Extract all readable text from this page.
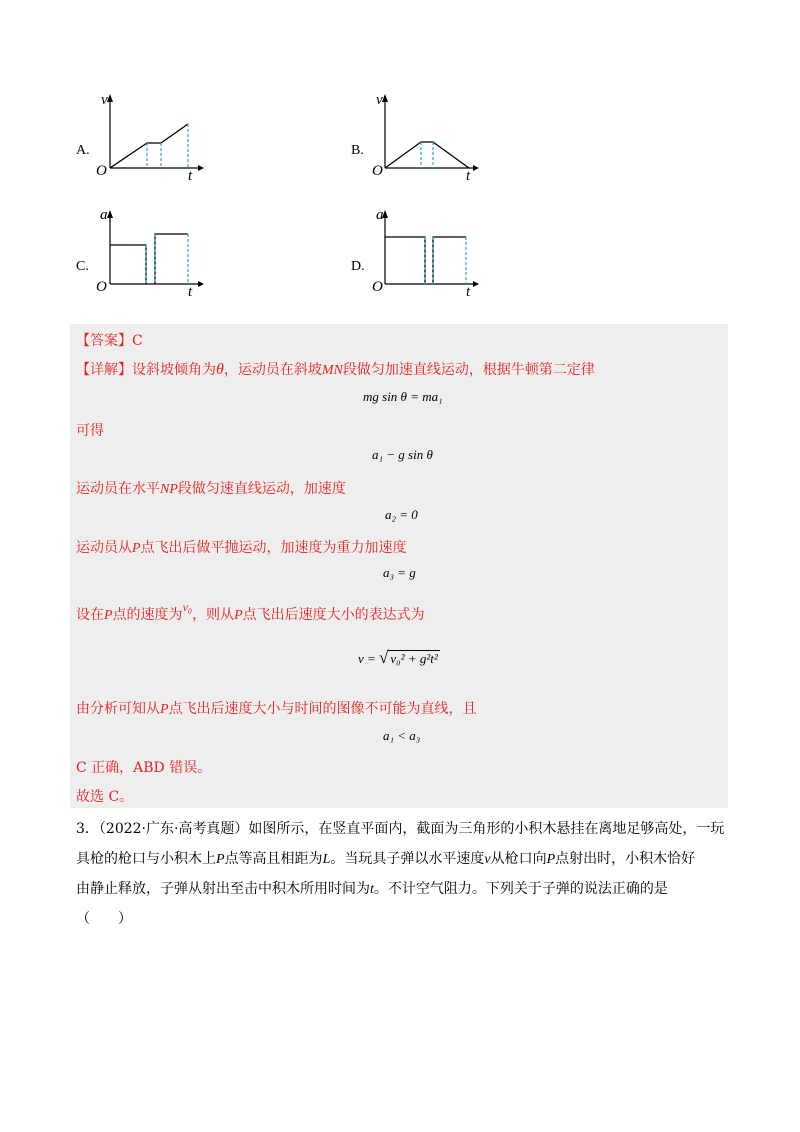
A.
v
O	t
B.
v
O	t
C.
a
O	t
D.
a
O	t
【答案】C
【详解】设斜坡倾角为θ，运动员在斜坡MN段做匀加速直线运动，根据牛顿第二定律
mg sin θ = ma₁
可得
a₁ − g sin θ
运动员在水平NP段做匀速直线运动，加速度
a₂ = 0
运动员从P点飞出后做平抛运动，加速度为重力加速度
a₃ = g
设在P点的速度为v₀，则从P点飞出后速度大小的表达式为
v = √ v₀² + g²t²
由分析可知从P点飞出后速度大小与时间的图像不可能为直线，且
a₁ < a₃
C 正确，ABD 错误。
故选 C。
3．（2022·广东·高考真题）如图所示，在竖直平面内，截面为三角形的小积木悬挂在离地足够高处，一玩
具枪的枪口与小积木上P点等高且相距为L。当玩具子弹以水平速度v从枪口向P点射出时，小积木恰好
由静止释放，子弹从射出至击中积木所用时间为t。不计空气阻力。下列关于子弹的说法正确的是
（　　）
